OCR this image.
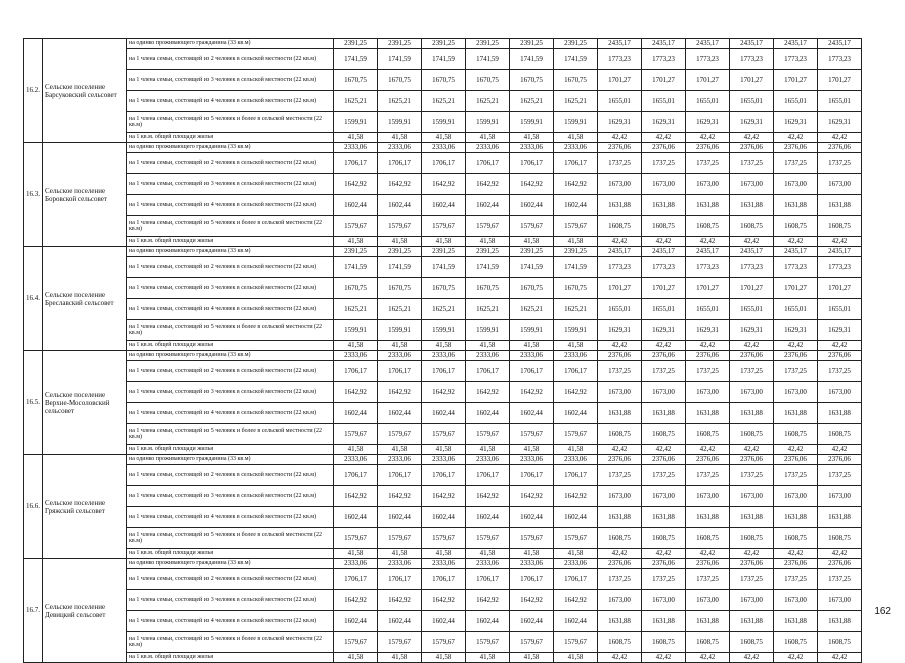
16.2.	Сельское поселение Барсуковский сельсовет	на одинко проживающего гражданина (33 кв.м)	2391,25	2391,25	2391,25	2391,25	2391,25	2391,25	2435,17	2435,17	2435,17	2435,17	2435,17	2435,17
		на 1 члена семьи, состоящей из 2 человек в сельской местности (22 кв.м)	1741,59	1741,59	1741,59	1741,59	1741,59	1741,59	1773,23	1773,23	1773,23	1773,23	1773,23	1773,23
		на 1 члена семьи, состоящей из 3 человек в сельской местности (22 кв.м)	1670,75	1670,75	1670,75	1670,75	1670,75	1670,75	1701,27	1701,27	1701,27	1701,27	1701,27	1701,27
		на 1 члена семьи, состоящей из 4 человек в сельской местности (22 кв.м)	1625,21	1625,21	1625,21	1625,21	1625,21	1625,21	1655,01	1655,01	1655,01	1655,01	1655,01	1655,01
		на 1 члена семьи, состоящей из 5 человек и более в сельской местности (22 кв.м)	1599,91	1599,91	1599,91	1599,91	1599,91	1599,91	1629,31	1629,31	1629,31	1629,31	1629,31	1629,31
		на 1 кв.м. общей площади жилья	41,58	41,58	41,58	41,58	41,58	41,58	42,42	42,42	42,42	42,42	42,42	42,42
16.3.	Сельское поселение Боровской сельсовет	на одинко проживающего гражданина (33 кв.м)	2333,06	2333,06	2333,06	2333,06	2333,06	2333,06	2376,06	2376,06	2376,06	2376,06	2376,06	2376,06
		на 1 члена семьи, состоящей из 2 человек в сельской местности (22 кв.м)	1706,17	1706,17	1706,17	1706,17	1706,17	1706,17	1737,25	1737,25	1737,25	1737,25	1737,25	1737,25
		на 1 члена семьи, состоящей из 3 человек в сельской местности (22 кв.м)	1642,92	1642,92	1642,92	1642,92	1642,92	1642,92	1673,00	1673,00	1673,00	1673,00	1673,00	1673,00
		на 1 члена семьи, состоящей из 4 человек в сельской местности (22 кв.м)	1602,44	1602,44	1602,44	1602,44	1602,44	1602,44	1631,88	1631,88	1631,88	1631,88	1631,88	1631,88
		на 1 члена семьи, состоящей из 5 человек и более в сельской местности (22 кв.м)	1579,67	1579,67	1579,67	1579,67	1579,67	1579,67	1608,75	1608,75	1608,75	1608,75	1608,75	1608,75
		на 1 кв.м. общей площади жилья	41,58	41,58	41,58	41,58	41,58	41,58	42,42	42,42	42,42	42,42	42,42	42,42
16.4.	Сельское поселение Бреславский сельсовет	на одинко проживающего гражданина (33 кв.м)	2391,25	2391,25	2391,25	2391,25	2391,25	2391,25	2435,17	2435,17	2435,17	2435,17	2435,17	2435,17
		на 1 члена семьи, состоящей из 2 человек в сельской местности (22 кв.м)	1741,59	1741,59	1741,59	1741,59	1741,59	1741,59	1773,23	1773,23	1773,23	1773,23	1773,23	1773,23
		на 1 члена семьи, состоящей из 3 человек в сельской местности (22 кв.м)	1670,75	1670,75	1670,75	1670,75	1670,75	1670,75	1701,27	1701,27	1701,27	1701,27	1701,27	1701,27
		на 1 члена семьи, состоящей из 4 человек в сельской местности (22 кв.м)	1625,21	1625,21	1625,21	1625,21	1625,21	1625,21	1655,01	1655,01	1655,01	1655,01	1655,01	1655,01
		на 1 члена семьи, состоящей из 5 человек и более в сельской местности (22 кв.м)	1599,91	1599,91	1599,91	1599,91	1599,91	1599,91	1629,31	1629,31	1629,31	1629,31	1629,31	1629,31
		на 1 кв.м. общей площади жилья	41,58	41,58	41,58	41,58	41,58	41,58	42,42	42,42	42,42	42,42	42,42	42,42
16.5.	Сельское поселение Верхне-Мосоловский сельсовет	на одинко проживающего гражданина (33 кв.м)	2333,06	2333,06	2333,06	2333,06	2333,06	2333,06	2376,06	2376,06	2376,06	2376,06	2376,06	2376,06
		на 1 члена семьи, состоящей из 2 человек в сельской местности (22 кв.м)	1706,17	1706,17	1706,17	1706,17	1706,17	1706,17	1737,25	1737,25	1737,25	1737,25	1737,25	1737,25
		на 1 члена семьи, состоящей из 3 человек в сельской местности (22 кв.м)	1642,92	1642,92	1642,92	1642,92	1642,92	1642,92	1673,00	1673,00	1673,00	1673,00	1673,00	1673,00
		на 1 члена семьи, состоящей из 4 человек в сельской местности (22 кв.м)	1602,44	1602,44	1602,44	1602,44	1602,44	1602,44	1631,88	1631,88	1631,88	1631,88	1631,88	1631,88
		на 1 члена семьи, состоящей из 5 человек и более в сельской местности (22 кв.м)	1579,67	1579,67	1579,67	1579,67	1579,67	1579,67	1608,75	1608,75	1608,75	1608,75	1608,75	1608,75
		на 1 кв.м. общей площади жилья	41,58	41,58	41,58	41,58	41,58	41,58	42,42	42,42	42,42	42,42	42,42	42,42
16.6.	Сельское поселение Гряжский сельсовет	на одинко проживающего гражданина (33 кв.м)	2333,06	2333,06	2333,06	2333,06	2333,06	2333,06	2376,06	2376,06	2376,06	2376,06	2376,06	2376,06
		на 1 члена семьи, состоящей из 2 человек в сельской местности (22 кв.м)	1706,17	1706,17	1706,17	1706,17	1706,17	1706,17	1737,25	1737,25	1737,25	1737,25	1737,25	1737,25
		на 1 члена семьи, состоящей из 3 человек в сельской местности (22 кв.м)	1642,92	1642,92	1642,92	1642,92	1642,92	1642,92	1673,00	1673,00	1673,00	1673,00	1673,00	1673,00
		на 1 члена семьи, состоящей из 4 человек в сельской местности (22 кв.м)	1602,44	1602,44	1602,44	1602,44	1602,44	1602,44	1631,88	1631,88	1631,88	1631,88	1631,88	1631,88
		на 1 члена семьи, состоящей из 5 человек и более в сельской местности (22 кв.м)	1579,67	1579,67	1579,67	1579,67	1579,67	1579,67	1608,75	1608,75	1608,75	1608,75	1608,75	1608,75
		на 1 кв.м. общей площади жилья	41,58	41,58	41,58	41,58	41,58	41,58	42,42	42,42	42,42	42,42	42,42	42,42
16.7.	Сельское поселение Девицкий сельсовет	на одинко проживающего гражданина (33 кв.м)	2333,06	2333,06	2333,06	2333,06	2333,06	2333,06	2376,06	2376,06	2376,06	2376,06	2376,06	2376,06
		на 1 члена семьи, состоящей из 2 человек в сельской местности (22 кв.м)	1706,17	1706,17	1706,17	1706,17	1706,17	1706,17	1737,25	1737,25	1737,25	1737,25	1737,25	1737,25
		на 1 члена семьи, состоящей из 3 человек в сельской местности (22 кв.м)	1642,92	1642,92	1642,92	1642,92	1642,92	1642,92	1673,00	1673,00	1673,00	1673,00	1673,00	1673,00
		на 1 члена семьи, состоящей из 4 человек в сельской местности (22 кв.м)	1602,44	1602,44	1602,44	1602,44	1602,44	1602,44	1631,88	1631,88	1631,88	1631,88	1631,88	1631,88
		на 1 члена семьи, состоящей из 5 человек и более в сельской местности (22 кв.м)	1579,67	1579,67	1579,67	1579,67	1579,67	1579,67	1608,75	1608,75	1608,75	1608,75	1608,75	1608,75
		на 1 кв.м. общей площади жилья	41,58	41,58	41,58	41,58	41,58	41,58	42,42	42,42	42,42	42,42	42,42	42,42
162
